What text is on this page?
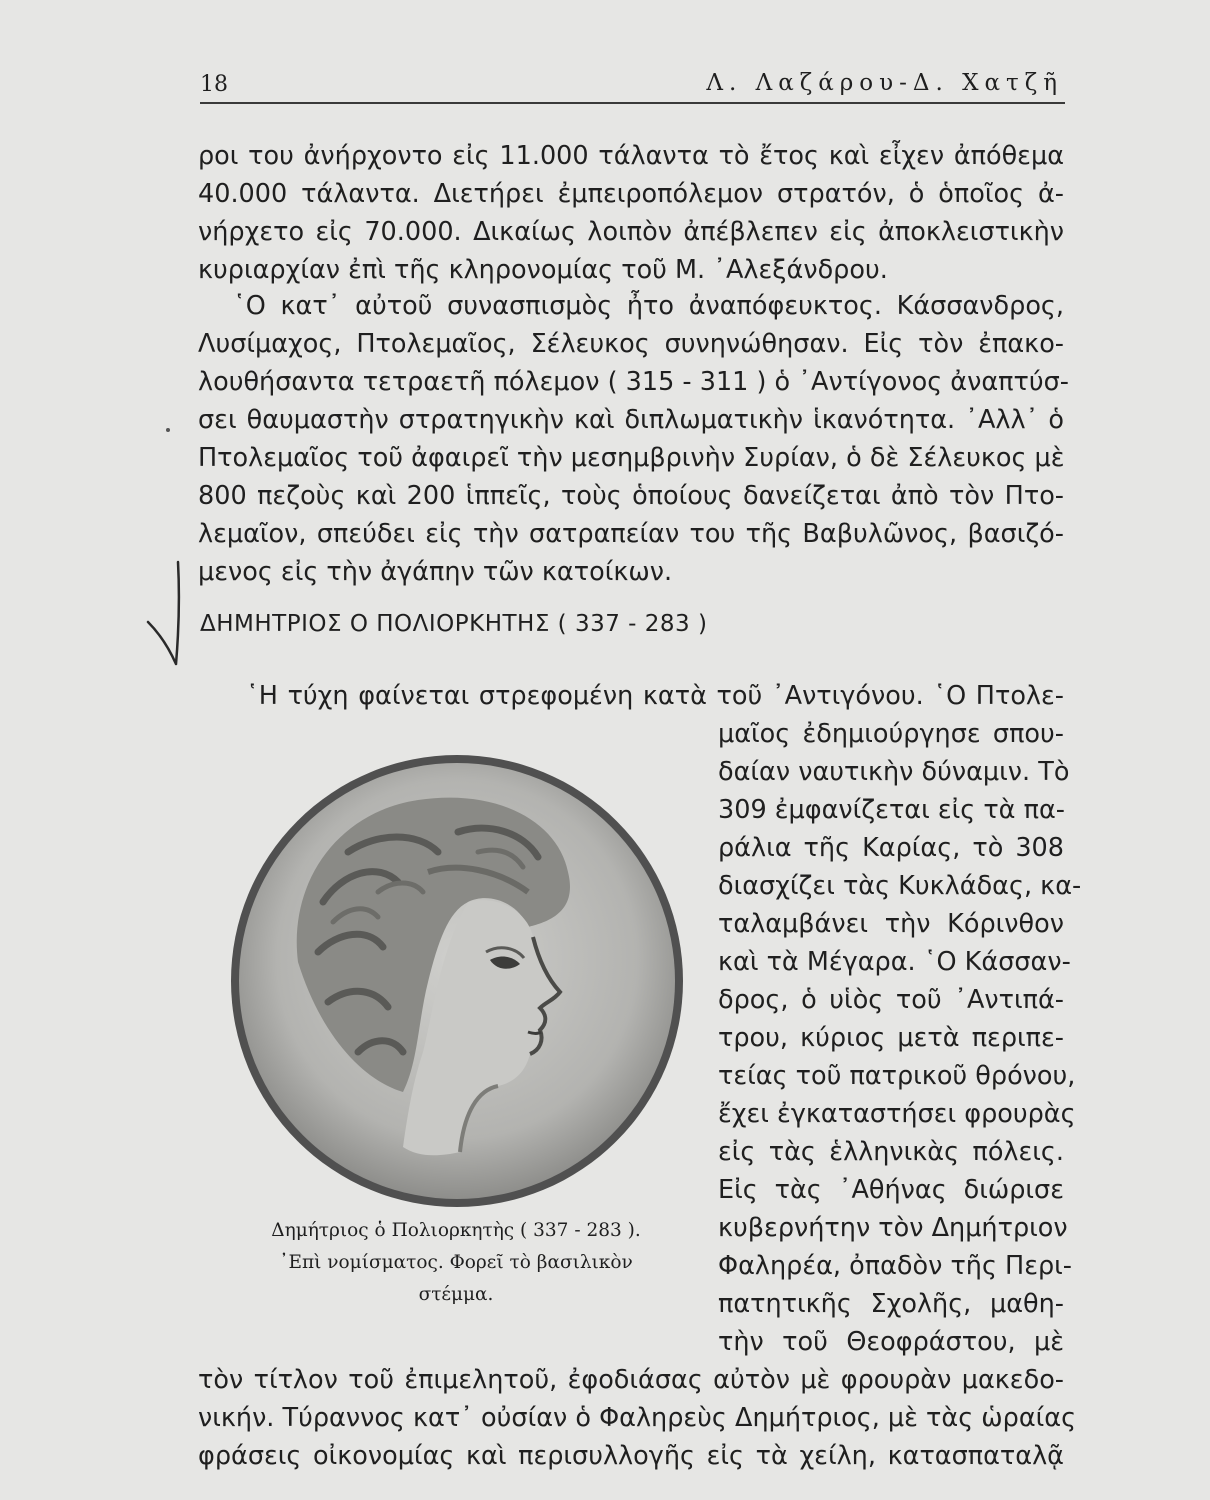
18	Λ. Λαζάρου-Δ. Χατζῆ
ροι του ἀνήρχοντο εἰς 11.000 τάλαντα τὸ ἔτος καὶ εἶχεν ἀπόθεμα
40.000 τάλαντα. Διετήρει ἐμπειροπόλεμον στρατόν, ὁ ὁποῖος ἀ-
νήρχετο εἰς 70.000. Δικαίως λοιπὸν ἀπέβλεπεν εἰς ἀποκλειστικὴν
κυριαρχίαν ἐπὶ τῆς κληρονομίας τοῦ Μ. ᾿Αλεξάνδρου.
῾Ο κατ᾿ αὐτοῦ συνασπισμὸς ἦτο ἀναπόφευκτος. Κάσσανδρος,
Λυσίμαχος, Πτολεμαῖος, Σέλευκος συνηνώθησαν. Εἰς τὸν ἐπακο-
λουθήσαντα τετραετῆ πόλεμον ( 315 - 311 ) ὁ ᾿Αντίγονος ἀναπτύσ-
σει θαυμαστὴν στρατηγικὴν καὶ διπλωματικὴν ἱκανότητα. ᾿Αλλ᾿ ὁ
Πτολεμαῖος τοῦ ἀφαιρεῖ τὴν μεσημβρινὴν Συρίαν, ὁ δὲ Σέλευκος μὲ
800 πεζοὺς καὶ 200 ἱππεῖς, τοὺς ὁποίους δανείζεται ἀπὸ τὸν Πτο-
λεμαῖον, σπεύδει εἰς τὴν σατραπείαν του τῆς Βαβυλῶνος, βασιζό-
μενος εἰς τὴν ἀγάπην τῶν κατοίκων.
ΔΗΜΗΤΡΙΟΣ Ο ΠΟΛΙΟΡΚΗΤΗΣ ( 337 - 283 )
῾Η τύχη φαίνεται στρεφομένη κατὰ τοῦ ᾿Αντιγόνου. ῾Ο Πτολε-
μαῖος ἐδημιούργησε σπου-
δαίαν ναυτικὴν δύναμιν. Τὸ
309 ἐμφανίζεται εἰς τὰ πα-
ράλια τῆς Καρίας, τὸ 308
διασχίζει τὰς Κυκλάδας, κα-
ταλαμβάνει τὴν Κόρινθον
καὶ τὰ Μέγαρα. ῾Ο Κάσσαν-
δρος, ὁ υἱὸς τοῦ ᾿Αντιπά-
τρου, κύριος μετὰ περιπε-
τείας τοῦ πατρικοῦ θρόνου,
ἔχει ἐγκαταστήσει φρουρὰς
εἰς τὰς ἑλληνικὰς πόλεις.
Εἰς τὰς ᾿Αθήνας διώρισε
κυβερνήτην τὸν Δημήτριον
Φαληρέα, ὀπαδὸν τῆς Περι-
πατητικῆς Σχολῆς, μαθη-
τὴν τοῦ Θεοφράστου, μὲ
Δημήτριος ὁ Πολιορκητὴς ( 337 - 283 ).
᾿Επὶ νομίσματος. Φορεῖ τὸ βασιλικὸν
στέμμα.
τὸν τίτλον τοῦ ἐπιμελητοῦ, ἐφοδιάσας αὐτὸν μὲ φρουρὰν μακεδο-
νικήν. Τύραννος κατ᾿ οὐσίαν ὁ Φαληρεὺς Δημήτριος, μὲ τὰς ὡραίας
φράσεις οἰκονομίας καὶ περισυλλογῆς εἰς τὰ χείλη, κατασπαταλᾷ
